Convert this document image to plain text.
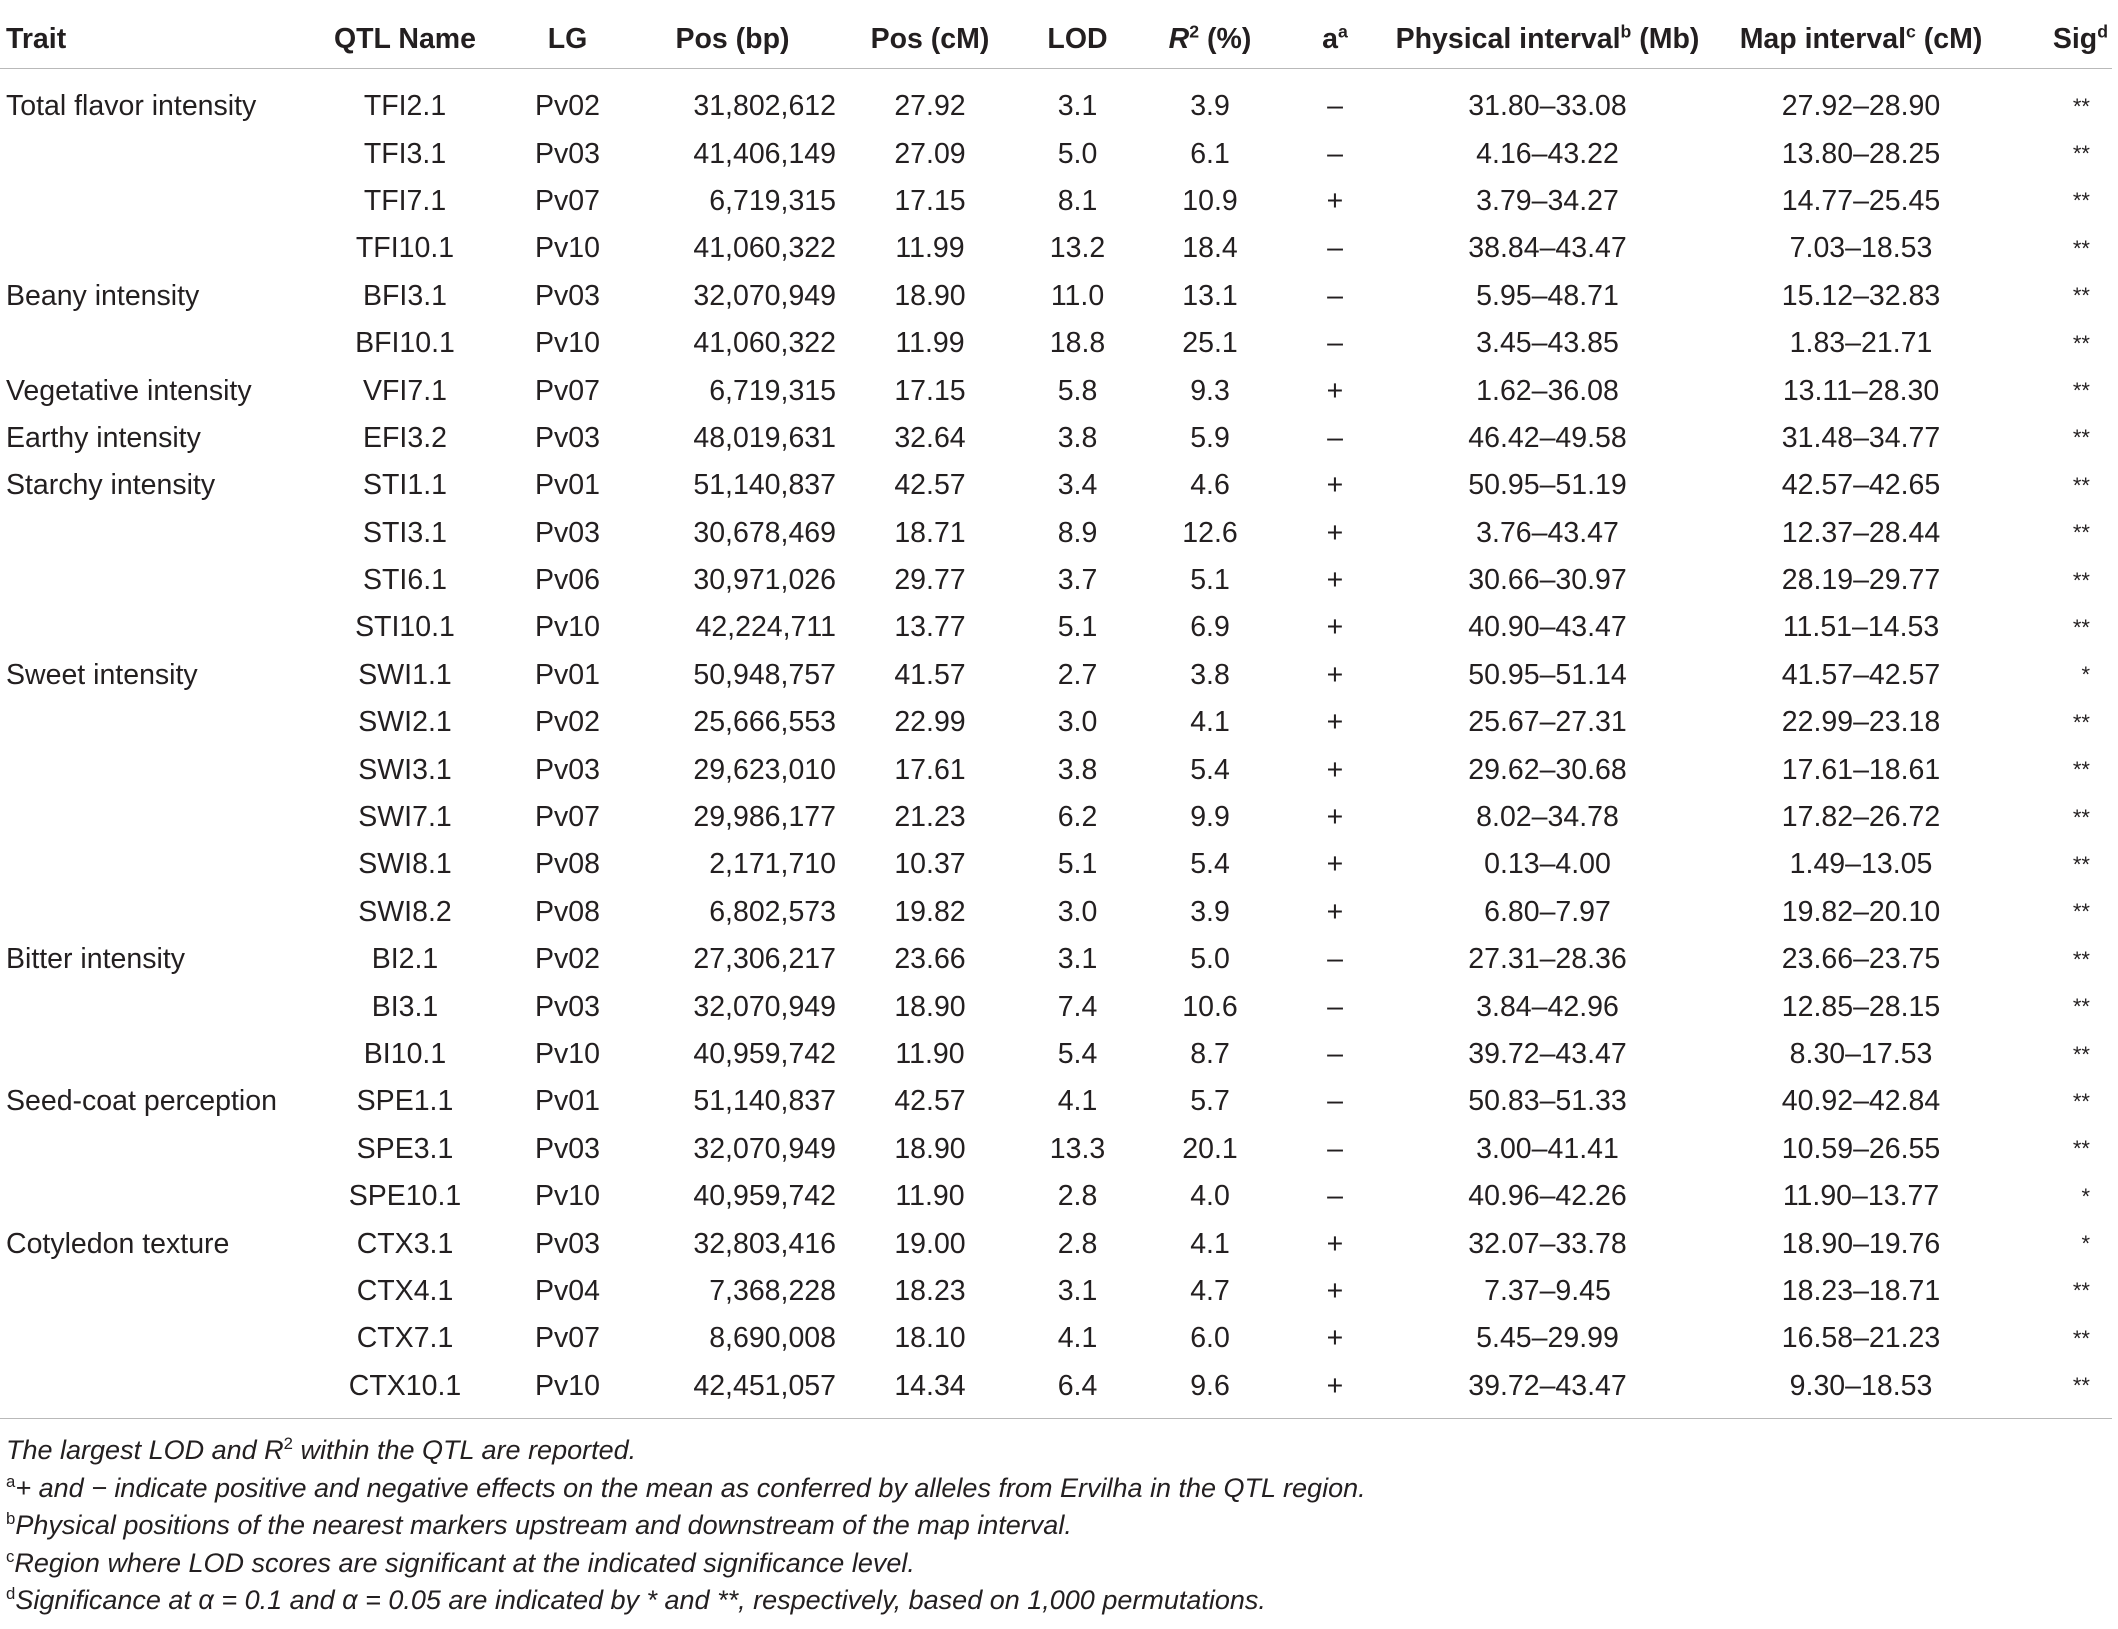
Trait	QTL Name	LG	Pos (bp)	Pos (cM)	LOD	$R^2$ (%)	$a^a$	Physical interval$^b$ (Mb)	Map interval$^c$ (cM)	Sig$^d$
Total flavor intensity	TFI2.1	Pv02	31,802,612	27.92	3.1	3.9	–	31.80–33.08	27.92–28.90	**
	TFI3.1	Pv03	41,406,149	27.09	5.0	6.1	–	4.16–43.22	13.80–28.25	**
	TFI7.1	Pv07	6,719,315	17.15	8.1	10.9	+	3.79–34.27	14.77–25.45	**
	TFI10.1	Pv10	41,060,322	11.99	13.2	18.4	–	38.84–43.47	7.03–18.53	**
Beany intensity	BFI3.1	Pv03	32,070,949	18.90	11.0	13.1	–	5.95–48.71	15.12–32.83	**
	BFI10.1	Pv10	41,060,322	11.99	18.8	25.1	–	3.45–43.85	1.83–21.71	**
Vegetative intensity	VFI7.1	Pv07	6,719,315	17.15	5.8	9.3	+	1.62–36.08	13.11–28.30	**
Earthy intensity	EFI3.2	Pv03	48,019,631	32.64	3.8	5.9	–	46.42–49.58	31.48–34.77	**
Starchy intensity	STI1.1	Pv01	51,140,837	42.57	3.4	4.6	+	50.95–51.19	42.57–42.65	**
	STI3.1	Pv03	30,678,469	18.71	8.9	12.6	+	3.76–43.47	12.37–28.44	**
	STI6.1	Pv06	30,971,026	29.77	3.7	5.1	+	30.66–30.97	28.19–29.77	**
	STI10.1	Pv10	42,224,711	13.77	5.1	6.9	+	40.90–43.47	11.51–14.53	**
Sweet intensity	SWI1.1	Pv01	50,948,757	41.57	2.7	3.8	+	50.95–51.14	41.57–42.57	*
	SWI2.1	Pv02	25,666,553	22.99	3.0	4.1	+	25.67–27.31	22.99–23.18	**
	SWI3.1	Pv03	29,623,010	17.61	3.8	5.4	+	29.62–30.68	17.61–18.61	**
	SWI7.1	Pv07	29,986,177	21.23	6.2	9.9	+	8.02–34.78	17.82–26.72	**
	SWI8.1	Pv08	2,171,710	10.37	5.1	5.4	+	0.13–4.00	1.49–13.05	**
	SWI8.2	Pv08	6,802,573	19.82	3.0	3.9	+	6.80–7.97	19.82–20.10	**
Bitter intensity	BI2.1	Pv02	27,306,217	23.66	3.1	5.0	–	27.31–28.36	23.66–23.75	**
	BI3.1	Pv03	32,070,949	18.90	7.4	10.6	–	3.84–42.96	12.85–28.15	**
	BI10.1	Pv10	40,959,742	11.90	5.4	8.7	–	39.72–43.47	8.30–17.53	**
Seed-coat perception	SPE1.1	Pv01	51,140,837	42.57	4.1	5.7	–	50.83–51.33	40.92–42.84	**
	SPE3.1	Pv03	32,070,949	18.90	13.3	20.1	–	3.00–41.41	10.59–26.55	**
	SPE10.1	Pv10	40,959,742	11.90	2.8	4.0	–	40.96–42.26	11.90–13.77	*
Cotyledon texture	CTX3.1	Pv03	32,803,416	19.00	2.8	4.1	+	32.07–33.78	18.90–19.76	*
	CTX4.1	Pv04	7,368,228	18.23	3.1	4.7	+	7.37–9.45	18.23–18.71	**
	CTX7.1	Pv07	8,690,008	18.10	4.1	6.0	+	5.45–29.99	16.58–21.23	**
	CTX10.1	Pv10	42,451,057	14.34	6.4	9.6	+	39.72–43.47	9.30–18.53	**
The largest LOD and $R^2$ within the QTL are reported.
$^a$+ and − indicate positive and negative effects on the mean as conferred by alleles from Ervilha in the QTL region.
$^b$Physical positions of the nearest markers upstream and downstream of the map interval.
$^c$Region where LOD scores are significant at the indicated significance level.
$^d$Significance at α = 0.1 and α = 0.05 are indicated by * and **, respectively, based on 1,000 permutations.
